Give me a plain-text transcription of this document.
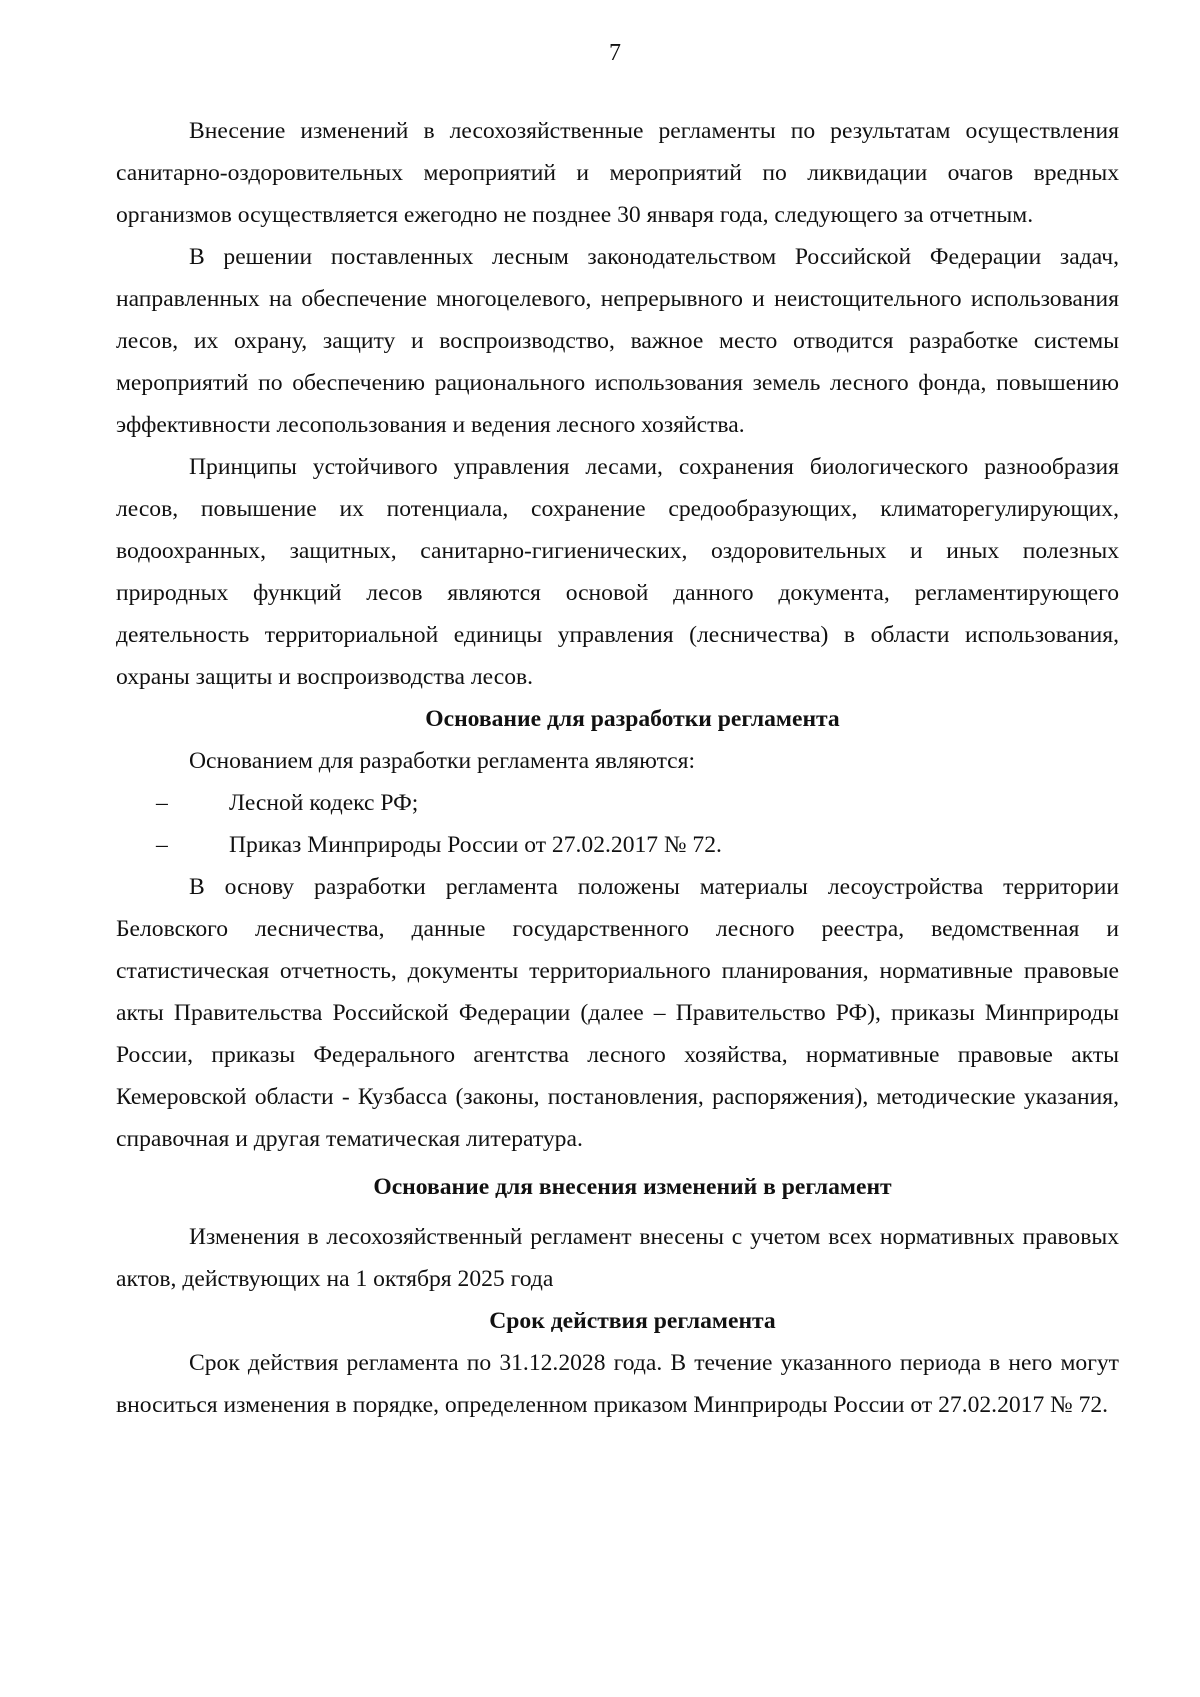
7

Внесение изменений в лесохозяйственные регламенты по результатам осуществления санитарно-оздоровительных мероприятий и мероприятий по ликвидации очагов вредных организмов осуществляется ежегодно не позднее 30 января года, следующего за отчетным.

В решении поставленных лесным законодательством Российской Федерации задач, направленных на обеспечение многоцелевого, непрерывного и неистощительного использования лесов, их охрану, защиту и воспроизводство, важное место отводится разработке системы мероприятий по обеспечению рационального использования земель лесного фонда, повышению эффективности лесопользования и ведения лесного хозяйства.

Принципы устойчивого управления лесами, сохранения биологического разнообразия лесов, повышение их потенциала, сохранение средообразующих, климаторегулирующих, водоохранных, защитных, санитарно-гигиенических, оздоровительных и иных полезных природных функций лесов являются основой данного документа, регламентирующего деятельность территориальной единицы управления (лесничества) в области использования, охраны защиты и воспроизводства лесов.

Основание для разработки регламента
Основанием для разработки регламента являются:
–	Лесной кодекс РФ;
–	Приказ Минприроды России от 27.02.2017 № 72.

В основу разработки регламента положены материалы лесоустройства территории Беловского лесничества, данные государственного лесного реестра, ведомственная и статистическая отчетность, документы территориального планирования, нормативные правовые акты Правительства Российской Федерации (далее – Правительство РФ), приказы Минприроды России, приказы Федерального агентства лесного хозяйства, нормативные правовые акты Кемеровской области - Кузбасса (законы, постановления, распоряжения), методические указания, справочная и другая тематическая литература.

Основание для внесения изменений в регламент

Изменения в лесохозяйственный регламент внесены с учетом всех нормативных правовых актов, действующих на 1 октября 2025 года

Срок действия регламента

Срок действия регламента по 31.12.2028 года. В течение указанного периода в него могут вноситься изменения в порядке, определенном приказом Минприроды России от 27.02.2017 № 72.
